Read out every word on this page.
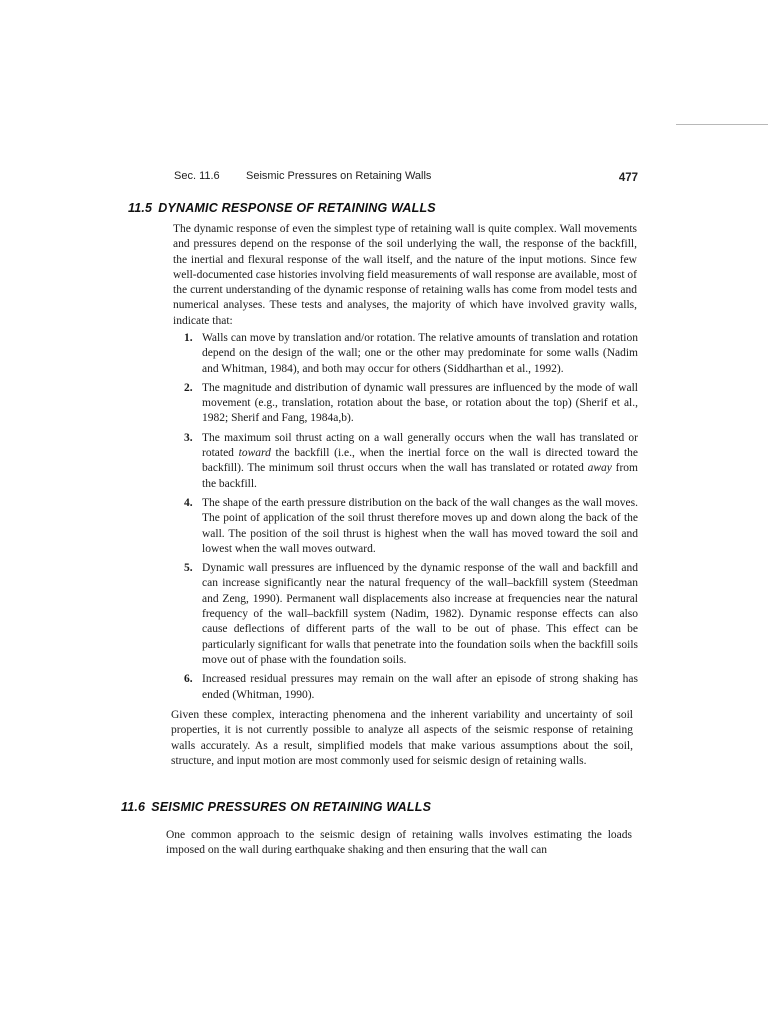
Sec. 11.6 Seismic Pressures on Retaining Walls	477
11.5 DYNAMIC RESPONSE OF RETAINING WALLS

The dynamic response of even the simplest type of retaining wall is quite complex. Wall movements and pressures depend on the response of the soil underlying the wall, the response of the backfill, the inertial and flexural response of the wall itself, and the nature of the input motions. Since few well-documented case histories involving field measurements of wall response are available, most of the current understanding of the dynamic response of retaining walls has come from model tests and numerical analyses. These tests and analyses, the majority of which have involved gravity walls, indicate that:

1. Walls can move by translation and/or rotation. The relative amounts of translation and rotation depend on the design of the wall; one or the other may predominate for some walls (Nadim and Whitman, 1984), and both may occur for others (Siddharthan et al., 1992).
2. The magnitude and distribution of dynamic wall pressures are influenced by the mode of wall movement (e.g., translation, rotation about the base, or rotation about the top) (Sherif et al., 1982; Sherif and Fang, 1984a,b).
3. The maximum soil thrust acting on a wall generally occurs when the wall has translated or rotated toward the backfill (i.e., when the inertial force on the wall is directed toward the backfill). The minimum soil thrust occurs when the wall has translated or rotated away from the backfill.
4. The shape of the earth pressure distribution on the back of the wall changes as the wall moves. The point of application of the soil thrust therefore moves up and down along the back of the wall. The position of the soil thrust is highest when the wall has moved toward the soil and lowest when the wall moves outward.
5. Dynamic wall pressures are influenced by the dynamic response of the wall and backfill and can increase significantly near the natural frequency of the wall–backfill system (Steedman and Zeng, 1990). Permanent wall displacements also increase at frequencies near the natural frequency of the wall–backfill system (Nadim, 1982). Dynamic response effects can also cause deflections of different parts of the wall to be out of phase. This effect can be particularly significant for walls that penetrate into the foundation soils when the backfill soils move out of phase with the foundation soils.
6. Increased residual pressures may remain on the wall after an episode of strong shaking has ended (Whitman, 1990).

Given these complex, interacting phenomena and the inherent variability and uncertainty of soil properties, it is not currently possible to analyze all aspects of the seismic response of retaining walls accurately. As a result, simplified models that make various assumptions about the soil, structure, and input motion are most commonly used for seismic design of retaining walls.

11.6 SEISMIC PRESSURES ON RETAINING WALLS

One common approach to the seismic design of retaining walls involves estimating the loads imposed on the wall during earthquake shaking and then ensuring that the wall can
